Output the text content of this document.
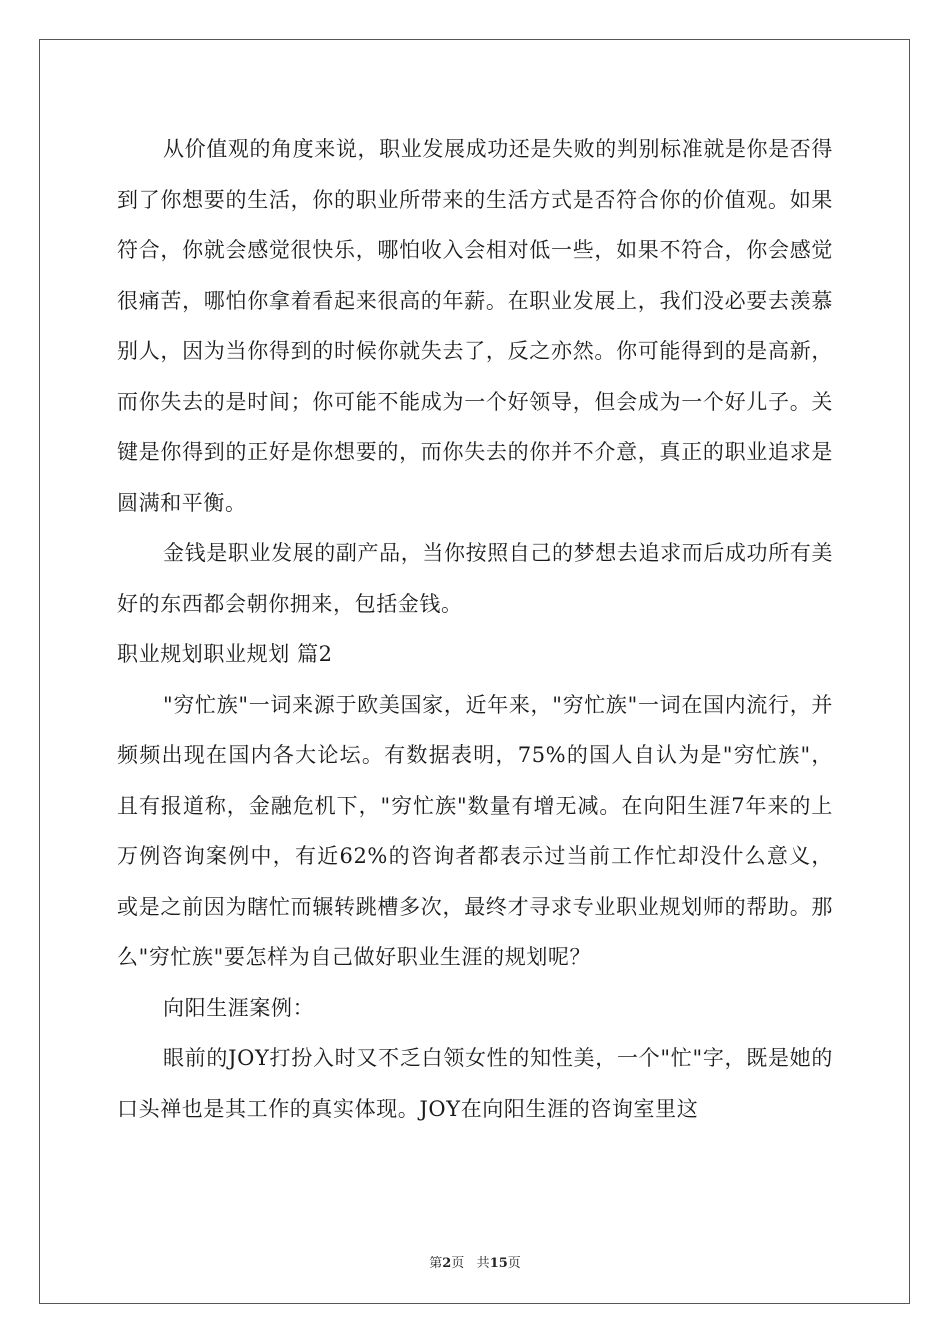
从价值观的角度来说，职业发展成功还是失败的判别标准就是你是否得到了你想要的生活，你的职业所带来的生活方式是否符合你的价值观。如果符合，你就会感觉很快乐，哪怕收入会相对低一些，如果不符合，你会感觉很痛苦，哪怕你拿着看起来很高的年薪。在职业发展上，我们没必要去羡慕别人，因为当你得到的时候你就失去了，反之亦然。你可能得到的是高新，而你失去的是时间；你可能不能成为一个好领导，但会成为一个好儿子。关键是你得到的正好是你想要的，而你失去的你并不介意，真正的职业追求是圆满和平衡。

金钱是职业发展的副产品，当你按照自己的梦想去追求而后成功所有美好的东西都会朝你拥来，包括金钱。

职业规划职业规划 篇2

"穷忙族"一词来源于欧美国家，近年来，"穷忙族"一词在国内流行，并频频出现在国内各大论坛。有数据表明，75%的国人自认为是"穷忙族"，且有报道称，金融危机下，"穷忙族"数量有增无减。在向阳生涯7年来的上万例咨询案例中，有近62%的咨询者都表示过当前工作忙却没什么意义，或是之前因为瞎忙而辗转跳槽多次，最终才寻求专业职业规划师的帮助。那么"穷忙族"要怎样为自己做好职业生涯的规划呢？

向阳生涯案例：

眼前的JOY打扮入时又不乏白领女性的知性美，一个"忙"字，既是她的口头禅也是其工作的真实体现。JOY在向阳生涯的咨询室里这

第2页 共15页
